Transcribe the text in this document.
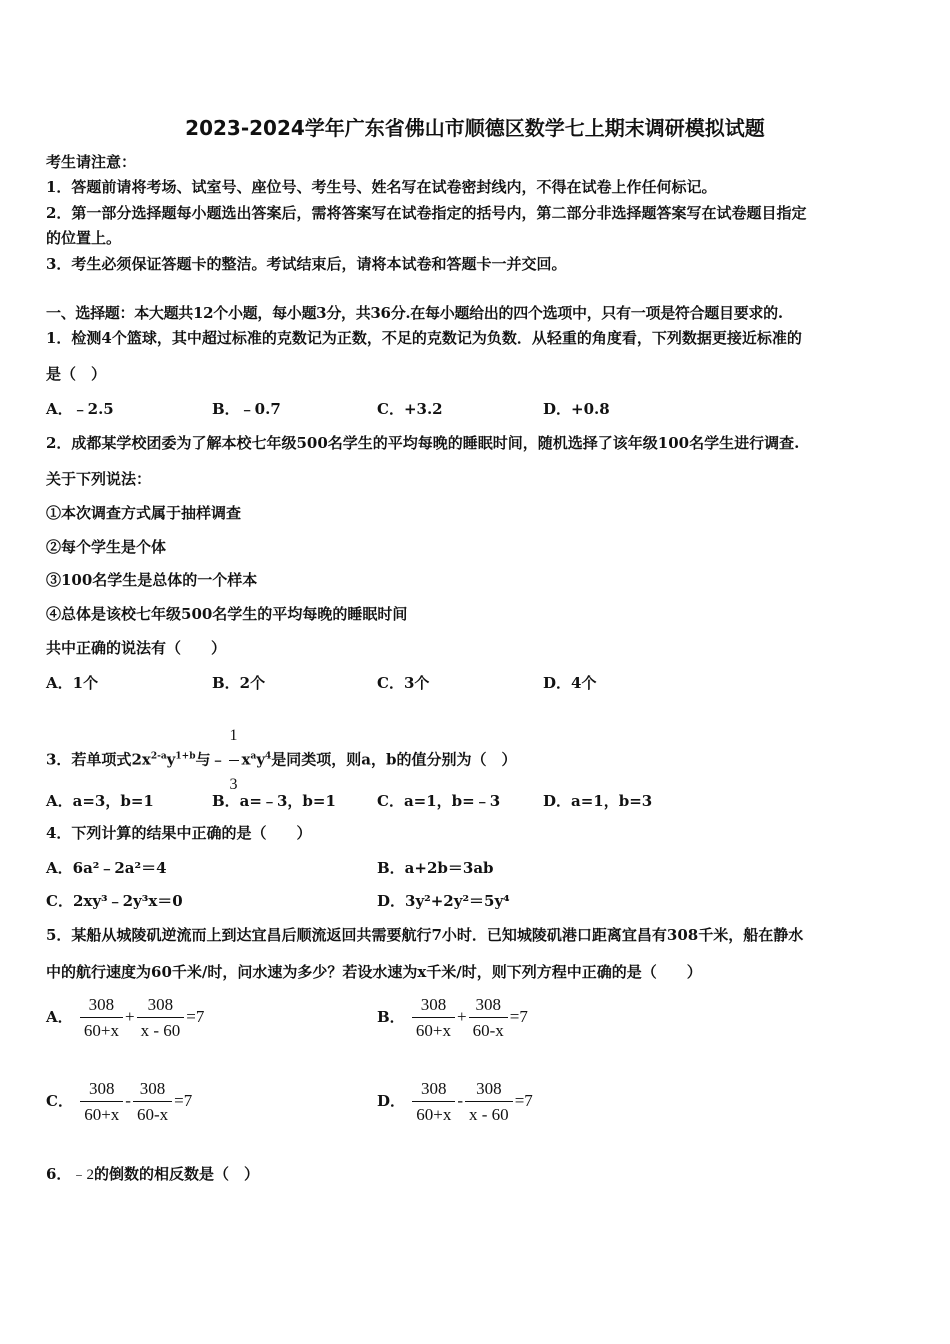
2023-2024学年广东省佛山市顺德区数学七上期末调研模拟试题
考生请注意：
1．答题前请将考场、试室号、座位号、考生号、姓名写在试卷密封线内，不得在试卷上作任何标记。
2．第一部分选择题每小题选出答案后，需将答案写在试卷指定的括号内，第二部分非选择题答案写在试卷题目指定
的位置上。
3．考生必须保证答题卡的整洁。考试结束后，请将本试卷和答题卡一并交回。
一、选择题：本大题共12个小题，每小题3分，共36分.在每小题给出的四个选项中，只有一项是符合题目要求的.
1．检测4个篮球，其中超过标准的克数记为正数，不足的克数记为负数．从轻重的角度看，下列数据更接近标准的
是（　）
A．﹣2.5	B．﹣0.7	C．+3.2	D．+0.8
2．成都某学校团委为了解本校七年级500名学生的平均每晚的睡眠时间，随机选择了该年级100名学生进行调查.
关于下列说法：
①本次调查方式属于抽样调查
②每个学生是个体
③100名学生是总体的一个样本
④总体是该校七年级500名学生的平均每晚的睡眠时间
共中正确的说法有（　　）
A．1个	B．2个	C．3个	D．4个
3．若单项式$2x^{2-a}y^{1+b}$与﹣ $\frac{1}{3} x^ay^4$是同类项，则a，b的值分别为（　）
A．a=3，b=1	B．a=﹣3，b=1	C．a=1，b=﹣3	D．a=1，b=3
4．下列计算的结果中正确的是（　　）
A．6a²﹣2a²＝4	B．a+2b＝3ab
C．2xy³﹣2y³x＝0	D．3y²+2y²＝5y⁴
5．某船从城陵矶逆流而上到达宜昌后顺流返回共需要航行7小时．已知城陵矶港口距离宜昌有308千米，船在静水
中的航行速度为60千米/时，问水速为多少？若设水速为x千米/时，则下列方程中正确的是（　　）
A． $\frac{308}{60+x} + \frac{308}{x - 60} =7$	B． $\frac{308}{60+x} + \frac{308}{60-x} =7$
C． $\frac{308}{60+x} - \frac{308}{60-x} =7$	D． $\frac{308}{60+x} - \frac{308}{x - 60} =7$
6．﹣2的倒数的相反数是（　）
